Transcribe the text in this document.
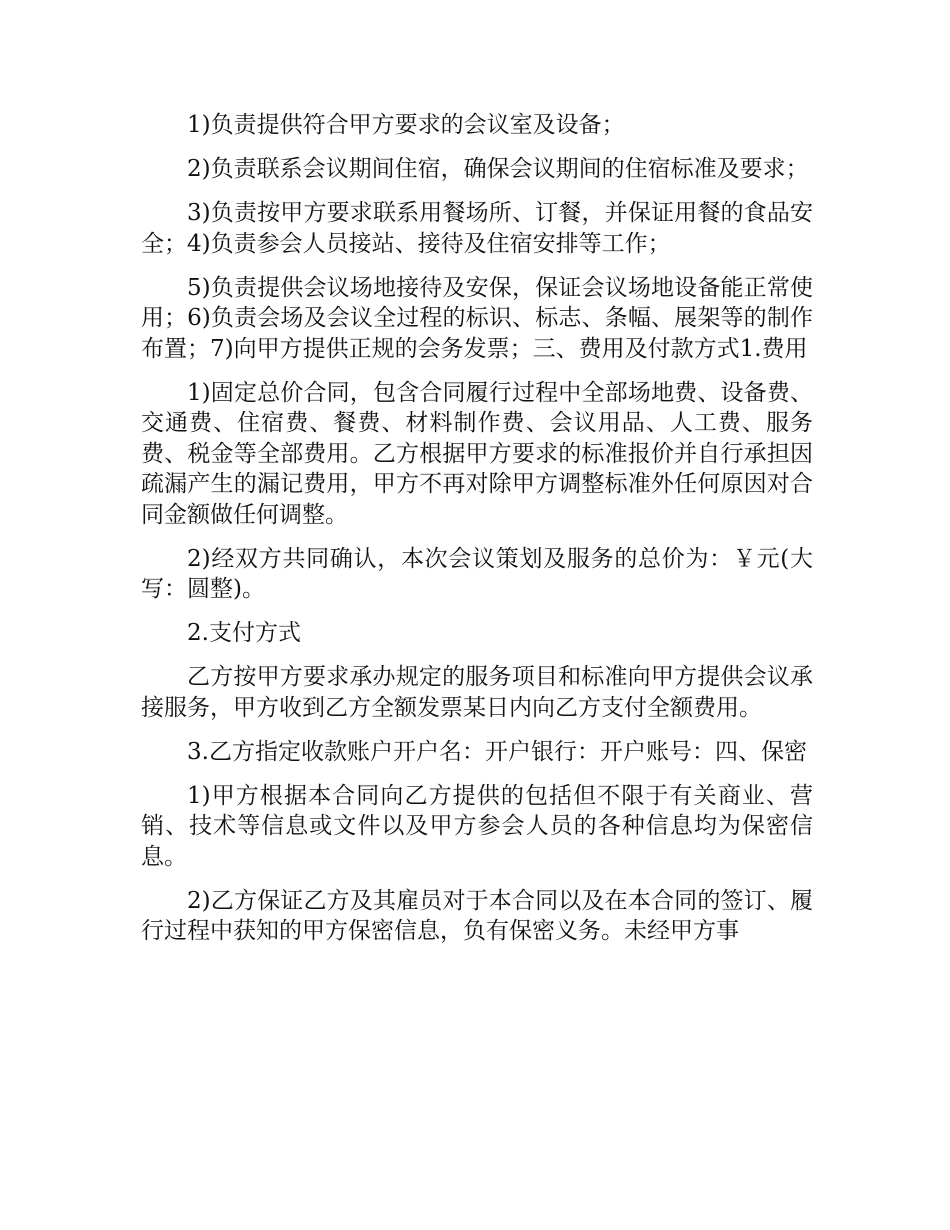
1)负责提供符合甲方要求的会议室及设备；

2)负责联系会议期间住宿，确保会议期间的住宿标准及要求；

3)负责按甲方要求联系用餐场所、订餐，并保证用餐的食品安全；4)负责参会人员接站、接待及住宿安排等工作；

5)负责提供会议场地接待及安保，保证会议场地设备能正常使用；6)负责会场及会议全过程的标识、标志、条幅、展架等的制作布置；7)向甲方提供正规的会务发票；三、费用及付款方式1.费用

1)固定总价合同，包含合同履行过程中全部场地费、设备费、交通费、住宿费、餐费、材料制作费、会议用品、人工费、服务费、税金等全部费用。乙方根据甲方要求的标准报价并自行承担因疏漏产生的漏记费用，甲方不再对除甲方调整标准外任何原因对合同金额做任何调整。

2)经双方共同确认，本次会议策划及服务的总价为：￥元(大写：圆整)。

2.支付方式

乙方按甲方要求承办规定的服务项目和标准向甲方提供会议承接服务，甲方收到乙方全额发票某日内向乙方支付全额费用。

3.乙方指定收款账户开户名：开户银行：开户账号：四、保密

1)甲方根据本合同向乙方提供的包括但不限于有关商业、营销、技术等信息或文件以及甲方参会人员的各种信息均为保密信息。

2)乙方保证乙方及其雇员对于本合同以及在本合同的签订、履行过程中获知的甲方保密信息，负有保密义务。未经甲方事
